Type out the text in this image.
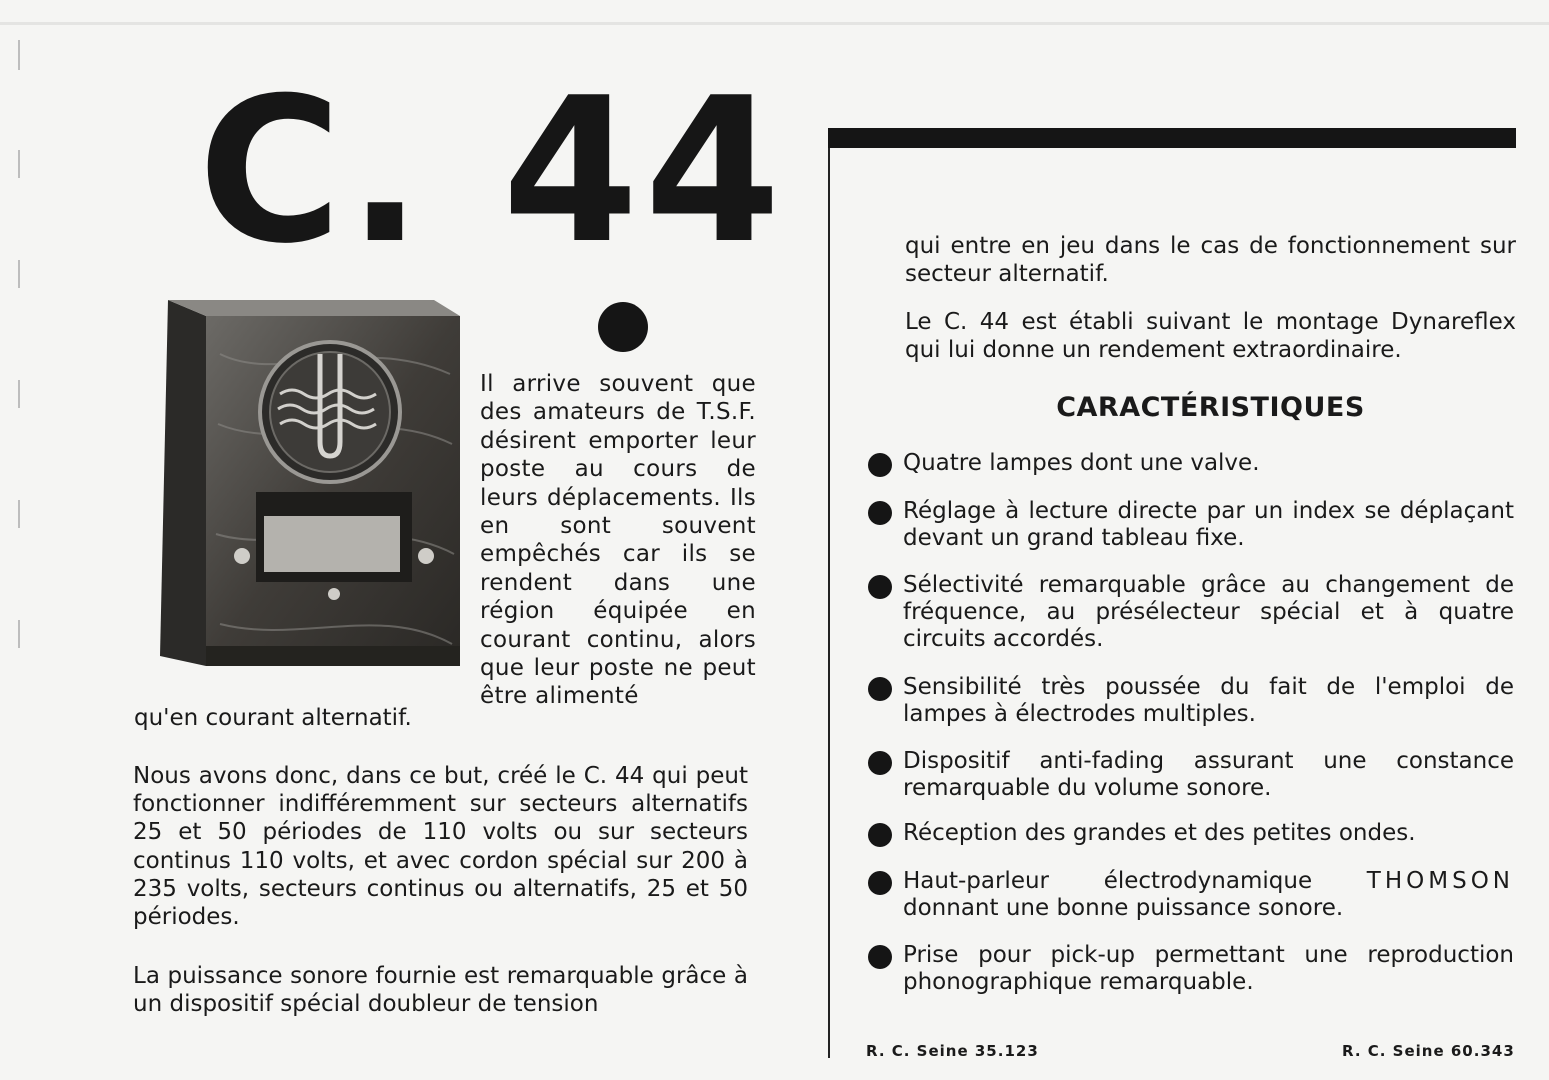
C. 44
Il arrive souvent que des amateurs de T.S.F. désirent emporter leur poste au cours de leurs déplacements. Ils en sont souvent empêchés car ils se rendent dans une région équipée en courant continu, alors que leur poste ne peut être alimenté
qu'en courant alternatif.
Nous avons donc, dans ce but, créé le C. 44 qui peut fonctionner indifféremment sur secteurs alternatifs 25 et 50 périodes de 110 volts ou sur secteurs continus 110 volts, et avec cordon spécial sur 200 à 235 volts, secteurs continus ou alternatifs, 25 et 50 périodes.
La puissance sonore fournie est remarquable grâce à un dispositif spécial doubleur de tension
qui entre en jeu dans le cas de fonctionnement sur secteur alternatif.
Le C. 44 est établi suivant le montage Dynareflex qui lui donne un rendement extraordinaire.
CARACTÉRISTIQUES
Quatre lampes dont une valve.
Réglage à lecture directe par un index se déplaçant devant un grand tableau fixe.
Sélectivité remarquable grâce au changement de fréquence, au présélecteur spécial et à quatre circuits accordés.
Sensibilité très poussée du fait de l'emploi de lampes à électrodes multiples.
Dispositif anti-fading assurant une constance remarquable du volume sonore.
Réception des grandes et des petites ondes.
Haut-parleur électrodynamique THOMSON donnant une bonne puissance sonore.
Prise pour pick-up permettant une reproduction phonographique remarquable.
R. C. Seine 35.123	R. C. Seine 60.343
